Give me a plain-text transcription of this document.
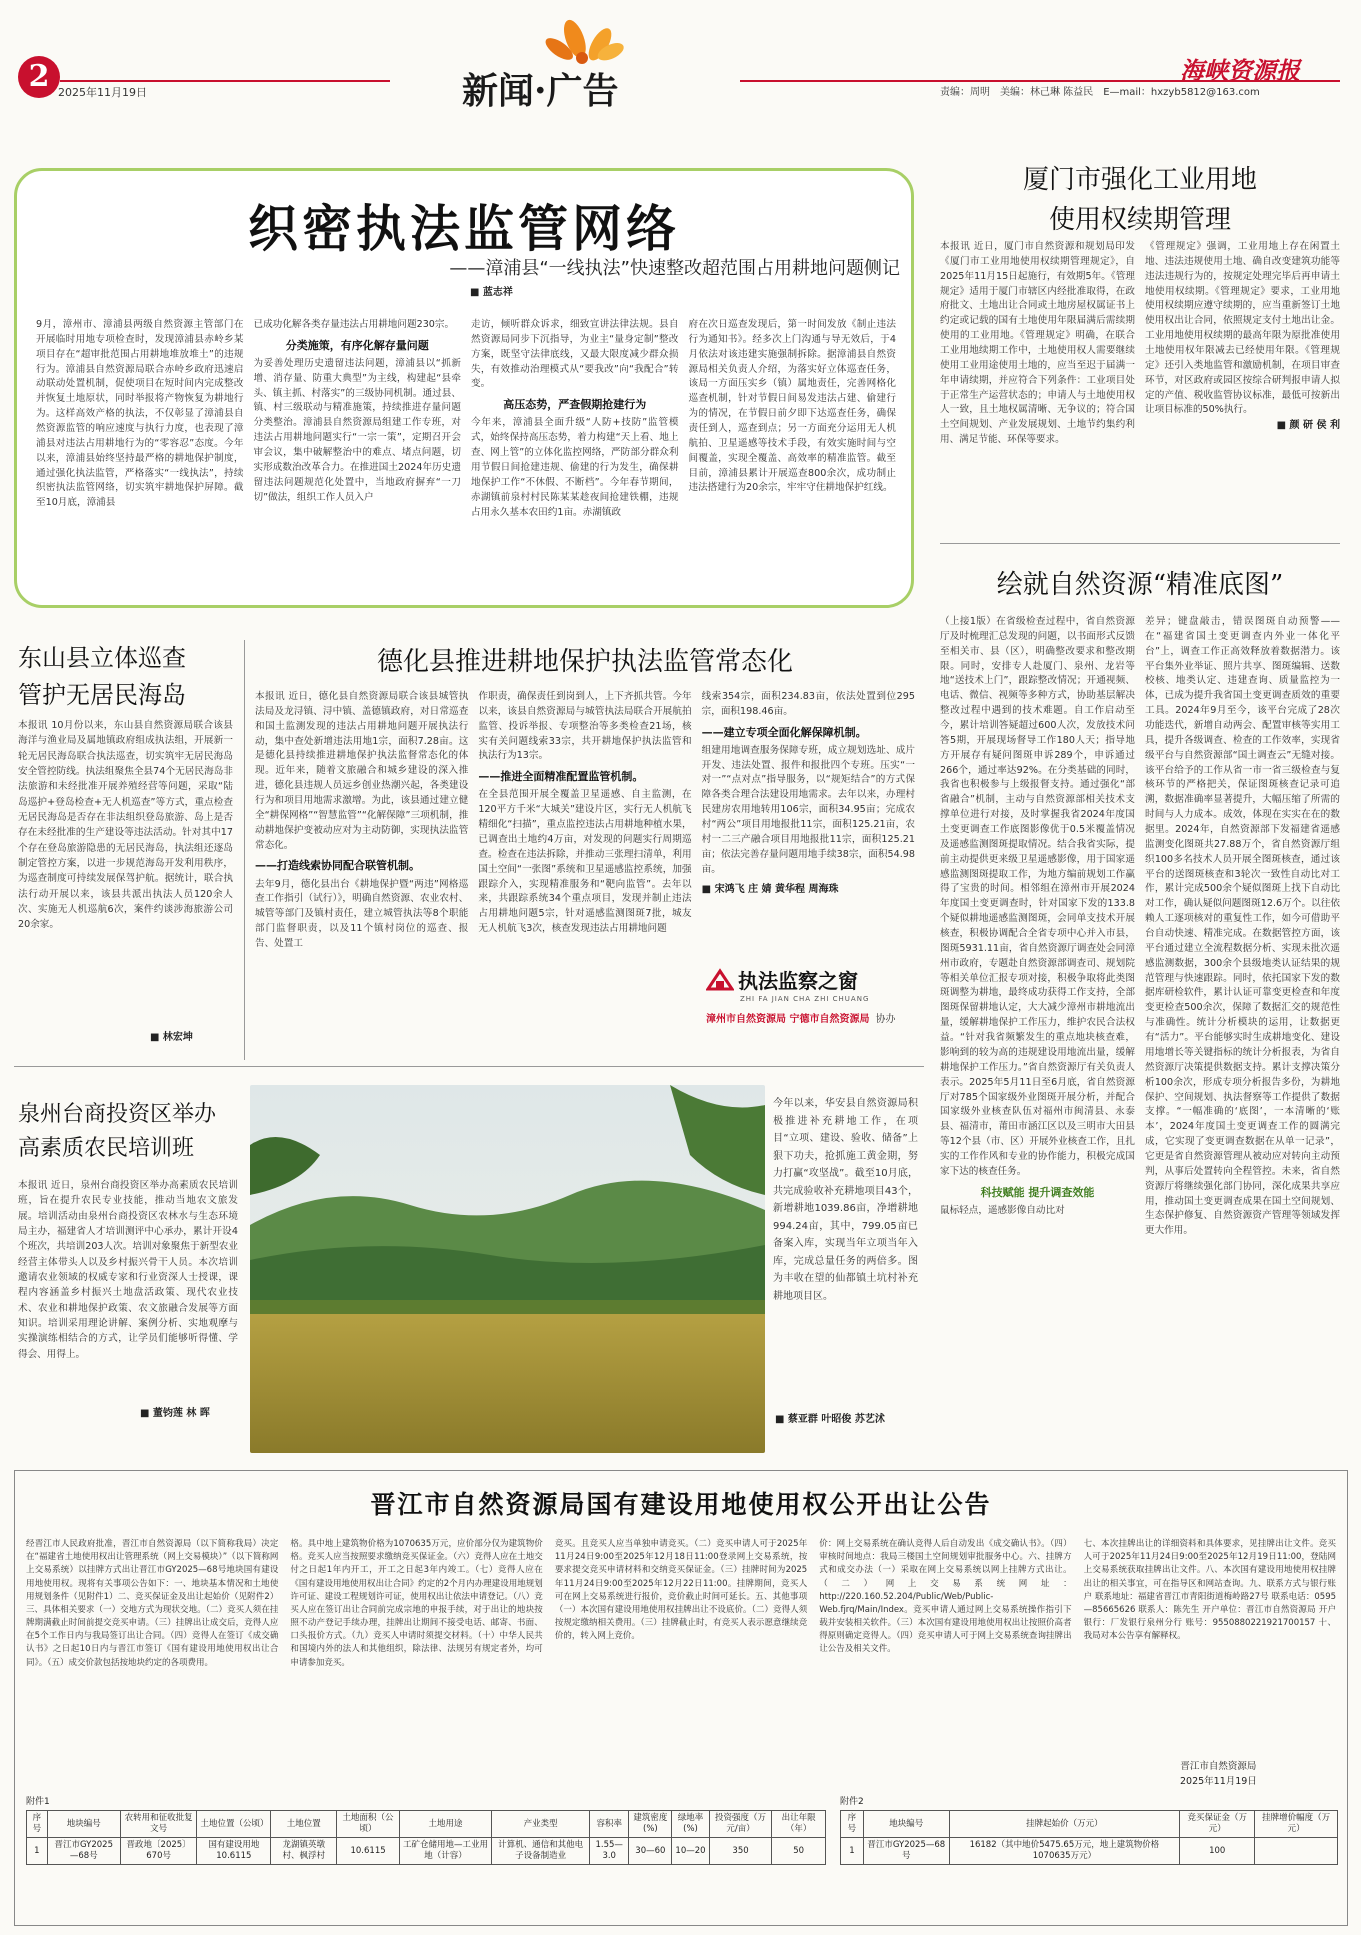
2 2025年11月19日	新闻·广告	海峡资源报
责编：周明 美编：林己琳 陈益民 E—mail：hxzyb5812@163.com
织密执法监管网络
——漳浦县“一线执法”快速整改超范围占用耕地问题侧记
■ 蓝志祥
9月，漳州市、漳浦县两级自然资源主管部门在开展临时用地专项检查时，发现漳浦县赤岭乡某项目存在“超审批范围占用耕地堆放堆土”的违规行为。漳浦县自然资源局联合赤岭乡政府迅速启动联动处置机制，促使项目在短时间内完成整改并恢复土地原状，同时举报将产物恢复为耕地行为。这样高效产格的执法，不仅彰显了漳浦县自然资源监管的响应速度与执行力度，也表现了漳浦县对违法占用耕地行为的“零容忍”态度。今年以来，漳浦县始终坚持最严格的耕地保护制度，通过强化执法监管，严格落实“一线执法”，持续织密执法监管网络，切实筑牢耕地保护屏障。截至10月底，漳浦县
已成功化解各类存量违法占用耕地问题230宗。
分类施策，有序化解存量问题
为妥善处理历史遗留违法问题，漳浦县以“抓新增、消存量、防重大典型”为主线，构建起“县牵头、镇主抓、村落实”的三级协同机制。通过县、镇、村三级联动与精准施策，持续推进存量问题分类整治。漳浦县自然资源局组建工作专班，对违法占用耕地问题实行“一宗一策”，定期召开会审会议，集中破解整治中的难点、堵点问题，切实形成数治改革合力。在推进国土2024年历史遗留违法问题规范化处置中，当地政府摒弃“一刀切”做法，组织工作人员入户
走访，倾听群众诉求，细致宣讲法律法规。县自然资源局同步下沉指导，为业主“量身定制”整改方案，既坚守法律底线，又最大限度减少群众损失，有效推动治理模式从“要我改”向“我配合”转变。
高压态势，严查假期抢建行为
今年来，漳浦县全面升级“人防+技防”监管模式，始终保持高压态势，着力构建“天上看、地上查、网上管”的立体化监控网络，严防部分群众利用节假日间抢建违规、偷建的行为发生，确保耕地保护工作“不休假、不断档”。今年春节期间，赤湖镇前泉村村民陈某某趁夜间抢建铁棚，违规占用永久基本农田约1亩。赤湖镇政
府在次日巡查发现后，第一时间发放《制止违法行为通知书》。经多次上门沟通与导无效后，于4月依法对该违建实施强制拆除。据漳浦县自然资源局相关负责人介绍，为落实好立体巡查任务，该局一方面压实乡（镇）属地责任，完善网格化巡查机制，针对节假日间易发违法占建、偷建行为的情况，在节假日前夕即下达巡查任务，确保责任到人，巡查到点；另一方面充分运用无人机航拍、卫星遥感等技术手段，有效实施时间与空间覆盖，实现全覆盖、高效率的精准监管。截至目前，漳浦县累计开展巡查800余次，成功制止违法搭建行为20余宗，牢牢守住耕地保护红线。
厦门市强化工业用地
使用权续期管理
本报讯 近日，厦门市自然资源和规划局印发《厦门市工业用地使用权续期管理规定》，自2025年11月15日起施行，有效期5年。《管理规定》适用于厦门市辖区内经批准取得，在政府批文、土地出让合同或土地房屋权属证书上约定或记载的国有土地使用年限届满后需续期使用的工业用地。《管理规定》明确，在联合工业用地续期工作中，土地使用权人需要继续使用工业用途使用土地的，应当至迟于届满一年申请续期，并应符合下列条件：工业项目处于正常生产运营状态的；申请人与土地使用权人一致，且土地权属清晰、无争议的；符合国土空间规划、产业发展规划、土地节约集约利用、满足节能、环保等要求。
《管理规定》强调，工业用地上存在闲置土地、违法违规使用土地、确自改变建筑功能等违法违规行为的，按规定处理完毕后再申请土地使用权续期。《管理规定》要求，工业用地使用权续期应遵守续期的，应当重新签订土地使用权出让合同，依照规定支付土地出让金。工业用地使用权续期的最高年限为原批准使用土地使用权年限减去已经使用年限。《管理规定》还引入类地监管和激励机制，在项目审查环节，对区政府或园区按综合研判报申请人拟定的产值、税收监管协议标准，最低可按新出让项目标准的50%执行。
■ 颜 研 侯 利
绘就自然资源“精准底图”
（上接1版）在省级检查过程中，省自然资源厅及时梳理汇总发现的问题，以书面形式反馈至相关市、县（区），明确整改要求和整改期限。同时，安排专人赴厦门、泉州、龙岩等地“送技术上门”，跟踪整改情况；开通视频、电话、微信、视频等多种方式，协助基层解决整改过程中遇到的技术难题。自工作启动至今，累计培训答疑超过600人次，发放技术问答5期，开展现场督导工作180人天；指导地方开展存有疑问图斑申诉289个，申诉通过266个，通过率达92%。在分类基础的同时，我省也积极参与上级报督支持。通过强化“部省融合”机制，主动与自然资源部相关技术支撑单位进行对接，及时掌握我省2024年度国土变更调查工作底图影像优于0.5米覆盖情况及遥感监测图斑提取情况。结合我省实际，提前主动提供更来级卫星遥感影像，用于国家遥感监测图斑提取工作，为地方编前规划工作赢得了宝贵的时间。相邻组在漳州市开展2024年度国土变更调查时，针对国家下发的133.8个疑似耕地遥感监测图斑，会同单支技术开展核查，积极协调配合全省专项中心并入市县，图斑5931.11亩，省自然资源厅调查处会同漳州市政府，专题赴自然资源部调查司、规划院等相关单位汇报专项对接，积极争取将此类图斑调整为耕地，最终成功获得工作支持，全部图斑保留耕地认定，大大减少漳州市耕地流出量，缓解耕地保护工作压力，维护农民合法权益。“针对我省频繁发生的重点地块核查难，影响到的较为高的违规建设用地流出量，缓解耕地保护工作压力。”省自然资源厅有关负责人表示。2025年5月11日至6月底，省自然资源厅对785个国家级外业图斑开展分析，并配合国家级外业核查队伍对福州市闽清县、永泰县、福清市，莆田市涵江区以及三明市大田县等12个县（市、区）开展外业核查工作，且扎实的工作作风和专业的协作能力，积极完成国家下达的核查任务。
科技赋能 提升调查效能
鼠标轻点，遥感影像自动比对
差异；键盘敲击，错误图斑自动预警——在“福建省国土变更调查内外业一体化平台”上，调查工作正高效释放着数据潜力。该平台集外业举证、照片共享、图斑编辑、送数校核、地类认定、违建查询、质量监控为一体，已成为提升我省国土变更调查质效的重要工具。2024年9月至今，该平台完成了28次功能迭代，新增自动两会、配置审核等实用工具，提升各级调查、检查的工作效率，实现省级平台与自然资源部“国土调查云”无缝对接。该平台给予的工作从省一市一省三级检查与复核环节的严格把关，保证图斑核查记录可追溯，数据准确率显著提升，大幅压缩了所需的时间与人力成本。成效，体现在实实在在的数据里。2024年，自然资源部下发福建省遥感监测变化图斑共27.88万个，省自然资源厅组织100多名技术人员开展全图斑核查，通过该平台的送图斑核查和3轮次一致性自动比对工作，累计完成500余个疑似图斑上找下自动比对工作，确认疑似问题图斑12.6万个。以往依赖人工逐项核对的重复性工作，如今可借助平台自动快速、精准完成。在数据管控方面，该平台通过建立全流程数据分析、实现未批次遥感监测数据，300余个县级地类认证结果的规范管理与快速跟踪。同时，依托国家下发的数据库研检软件，累计认证可靠变更检查和年度变更检查500余次，保障了数据汇交的规范性与准确性。统计分析模块的运用，让数据更有“活力”。平台能够实时生成耕地变化、建设用地增长等关键指标的统计分析报表，为省自然资源厅决策提供数据支持。累计支撑决策分析100余次，形成专项分析报告多份，为耕地保护、空间规划、执法督察等工作提供了数据支撑。“一幅准确的‘底图’，一本清晰的‘账本’，2024年度国土变更调查工作的圆满完成，它实现了变更调查数据在从单一记录”，它更是省自然资源管理从被动应对转向主动预判，从事后处置转向全程管控。未来，省自然资源厅将继续强化部门协同，深化成果共享应用，推动国土变更调查成果在国土空间规划、生态保护修复、自然资源资产管理等领域发挥更大作用。
东山县立体巡查
管护无居民海岛
本报讯 10月份以来，东山县自然资源局联合该县海洋与渔业局及属地镇政府组成执法组，开展新一轮无居民海岛联合执法巡查，切实筑牢无居民海岛安全管控防线。执法组聚焦全县74个无居民海岛非法旅游和未经批准开展养殖经营等问题，采取“陆岛巡护+登岛检查+无人机巡查”等方式，重点检查无居民海岛是否存在非法组织登岛旅游、岛上是否存在未经批准的生产建设等违法活动。针对其中17个存在登岛旅游隐患的无居民海岛，执法组还逐岛制定管控方案，以进一步规范海岛开发利用秩序，为巡查制度可持续发展保驾护航。据统计，联合执法行动开展以来，该县共派出执法人员120余人次、实施无人机巡航6次，案件约谈涉海旅游公司20余家。
■ 林宏坤
德化县推进耕地保护执法监管常态化
本报讯 近日，德化县自然资源局联合该县城管执法局及龙浔镇、浔中镇、盖德镇政府，对日常巡查和国土监测发现的违法占用耕地问题开展执法行动，集中查处新增违法用地1宗，面积7.28亩。这是德化县持续推进耕地保护执法监督常态化的体现。近年来，随着文旅融合和城乡建设的深入推进，德化县违规人员远乡创业热潮兴起，各类建设行为和项目用地需求激增。为此，该县通过建立健全“耕保网格”“智慧监管”“化解保障”三项机制，推动耕地保护变被动应对为主动防御，实现执法监管常态化。
——打造线索协同配合联管机制。
去年9月，德化县出台《耕地保护暨“两违”网格巡查工作指引（试行）》，明确自然资源、农业农村、城管等部门及镇村责任，建立城管执法等8个职能部门监督职责，以及11个镇村岗位的巡查、报告、处置工
作职责，确保责任到岗到人，上下齐抓共管。今年以来，该县自然资源局与城管执法局联合开展航拍监管、投诉举报、专项整治等多类检查21场，核实有关问题线索33宗，共开耕地保护执法监管和执法行为13宗。
——推进全面精准配置监管机制。
在全县范围开展全覆盖卫星遥感、自主监测，在120平方千米“大城关”建设片区，实行无人机航飞精细化“扫描”，重点监控违法占用耕地种植水果，已调查出土地约4万亩，对发现的问题实行周期巡查。检查在违法拆除，并推动三张理扫清单，利用国土空间“一张图”系统和卫星遥感监控系统，加强跟踪介入，实现精准服务和“靶向监管”。去年以来，共跟踪系统34个重点项目，发现并制止违法占用耕地问题5宗，针对遥感监测图斑7批，城友无人机航飞3次，核查发现违法占用耕地问题
线索354宗，面积234.83亩，依法处置到位295宗，面积198.46亩。
——建立专项全面化解保障机制。
组建用地调查服务保障专班，成立规划选址、成片开发、违法处置、报件和报批四个专班。压实“一对一”“点对点”指导服务，以“规矩结合”的方式保障各类合理合法建设用地需求。去年以来，办理村民建房农用地转用106宗，面积34.95亩；完成农村“两公”项目用地报批11宗，面积125.21亩，农村一二三产融合项目用地报批11宗，面积125.21亩；依法完善存量问题用地手续38宗，面积54.98亩。
■ 宋鸿飞 庄 婧 黄华程 周海珠
执法监察之窗
ZHI FA JIAN CHA ZHI CHUANG
漳州市自然资源局 宁德市自然资源局 协办
泉州台商投资区举办
高素质农民培训班
本报讯 近日，泉州台商投资区举办高素质农民培训班，旨在提升农民专业技能，推动当地农文旅发展。培训活动由泉州台商投资区农林水与生态环境局主办，福建省人才培训测评中心承办，累计开设4个班次，共培训203人次。培训对象聚焦于新型农业经营主体带头人以及乡村振兴骨干人员。本次培训邀请农业领域的权威专家和行业资深人士授课，课程内容涵盖乡村振兴土地盘活政策、现代农业技术、农业和耕地保护政策、农文旅融合发展等方面知识。培训采用理论讲解、案例分析、实地观摩与实操演练相结合的方式，让学员们能够听得懂、学得会、用得上。
■ 董钧莲 林 晖
今年以来，华安县自然资源局积极推进补充耕地工作，在项目“立项、建设、验收、储备”上狠下功夫，抢抓施工黄金期，努力打赢“攻坚战”。截至10月底，共完成验收补充耕地项目43个，新增耕地1039.86亩，净增耕地994.24亩，其中，799.05亩已备案入库，实现当年立项当年入库，完成总量任务的两倍多。图为丰收在望的仙都镇土坑村补充耕地项目区。
■ 蔡亚群 叶昭俊 苏艺沭
晋江市自然资源局国有建设用地使用权公开出让公告
经晋江市人民政府批准，晋江市自然资源局（以下简称我局）决定在“福建省土地使用权出让管理系统（网上交易模块）”（以下简称网上交易系统）以挂牌方式出让晋江市GY2025—68号地块国有建设用地使用权。现将有关事项公告如下：一、地块基本情况和土地使用规划条件（见附件1）二、竞买保证金及出让起始价（见附件2）三、具体相关要求（一）交地方式为现状交地。（二）竞买人须在挂牌期满截止时间前提交竞买申请。（三）挂牌出让成交后，竞得人应在5个工作日内与我局签订出让合同。（四）竞得人在签订《成交确认书》之日起10日内与晋江市签订《国有建设用地使用权出让合同》。（五）成交价款包括按地块约定的各项费用。
格。具中地上建筑物价格为1070635万元，应价部分仅为建筑物价格。竞买人应当按照要求缴纳竞买保证金。（六）竞得人应在土地交付之日起1年内开工，开工之日起3年内竣工。（七）竞得人应在《国有建设用地使用权出让合同》约定的2个月内办理建设用地规划许可证、建设工程规划许可证，使用权出让依法申请登记。（八）竞买人应在签订出让合同前完成宗地的申报手续，对于出让的地块按照不动产登记手续办理，挂牌出让期间不接受电话、邮寄、书面、口头报价方式。（九）竞买人申请时须提交材料。（十）中华人民共和国境内外的法人和其他组织，除法律、法规另有规定者外，均可申请参加竞买。
竞买。且竞买人应当单独申请竞买。（二）竞买申请人可于2025年11月24日9:00至2025年12月18日11:00登录网上交易系统，按要求提交竞买申请材料和交纳竞买保证金。（三）挂牌时间为2025年11月24日9:00至2025年12月22日11:00。挂牌期间，竞买人可在网上交易系统进行报价，竞价截止时间可延长。五、其他事项（一）本次国有建设用地使用权挂牌出让不设底价。（二）竞得人须按规定缴纳相关费用。（三）挂牌截止时，有竞买人表示愿意继续竞价的，转入网上竞价。
价：网上交易系统在确认竞得人后自动发出《成交确认书》。（四）审核时间地点：我局三楼国土空间规划审批服务中心。六、挂牌方式和成交办法（一）采取在网上交易系统以网上挂牌方式出让。（二）网上交易系统网址：http://220.160.52.204/Public/Web/Public-Web.fjrq/Main/Index。竞买申请人通过网上交易系统操作指引下载并安装相关软件。（三）本次国有建设用地使用权出让按照价高者得原则确定竞得人。（四）竞买申请人可于网上交易系统查询挂牌出让公告及相关文件。
七、本次挂牌出让的详细资料和具体要求，见挂牌出让文件。竞买人可于2025年11月24日9:00至2025年12月19日11:00，登陆网上交易系统获取挂牌出让文件。八、本次国有建设用地使用权挂牌出让的相关事宜，可在指导区和网站查询。九、联系方式与银行账户 联系地址：福建省晋江市青阳街道梅岭路27号 联系电话：0595—85665626 联系人：陈先生 开户单位：晋江市自然资源局 开户银行：厂发银行泉州分行 账号：9550880221921700157 十、我局对本公告享有解释权。
晋江市自然资源局
2025年11月19日
附件1
序号	地块编号	农转用和征收批复文号	土地位置（公顷）	土地位置	土地面积（公顷）	土地用途	产业类型	容积率	建筑密度(%)	绿地率(%)	投资强度（万元/亩）	出让年限（年）
1	晋江市GY2025—68号	晋政地〔2025〕670号	国有建设用地10.6115	龙湖镇英墩村、枫浮村	10.6115	工矿仓储用地—工业用地（计容）	计算机、通信和其他电子设备制造业	1.55—3.0	30—60	10—20	350	50
附件2
序号	地块编号	挂牌起始价（万元）	竞买保证金（万元）	挂牌增价幅度（万元）
1	晋江市GY2025—68号	16182（其中地价5475.65万元，地上建筑物价格1070635万元）	100	
